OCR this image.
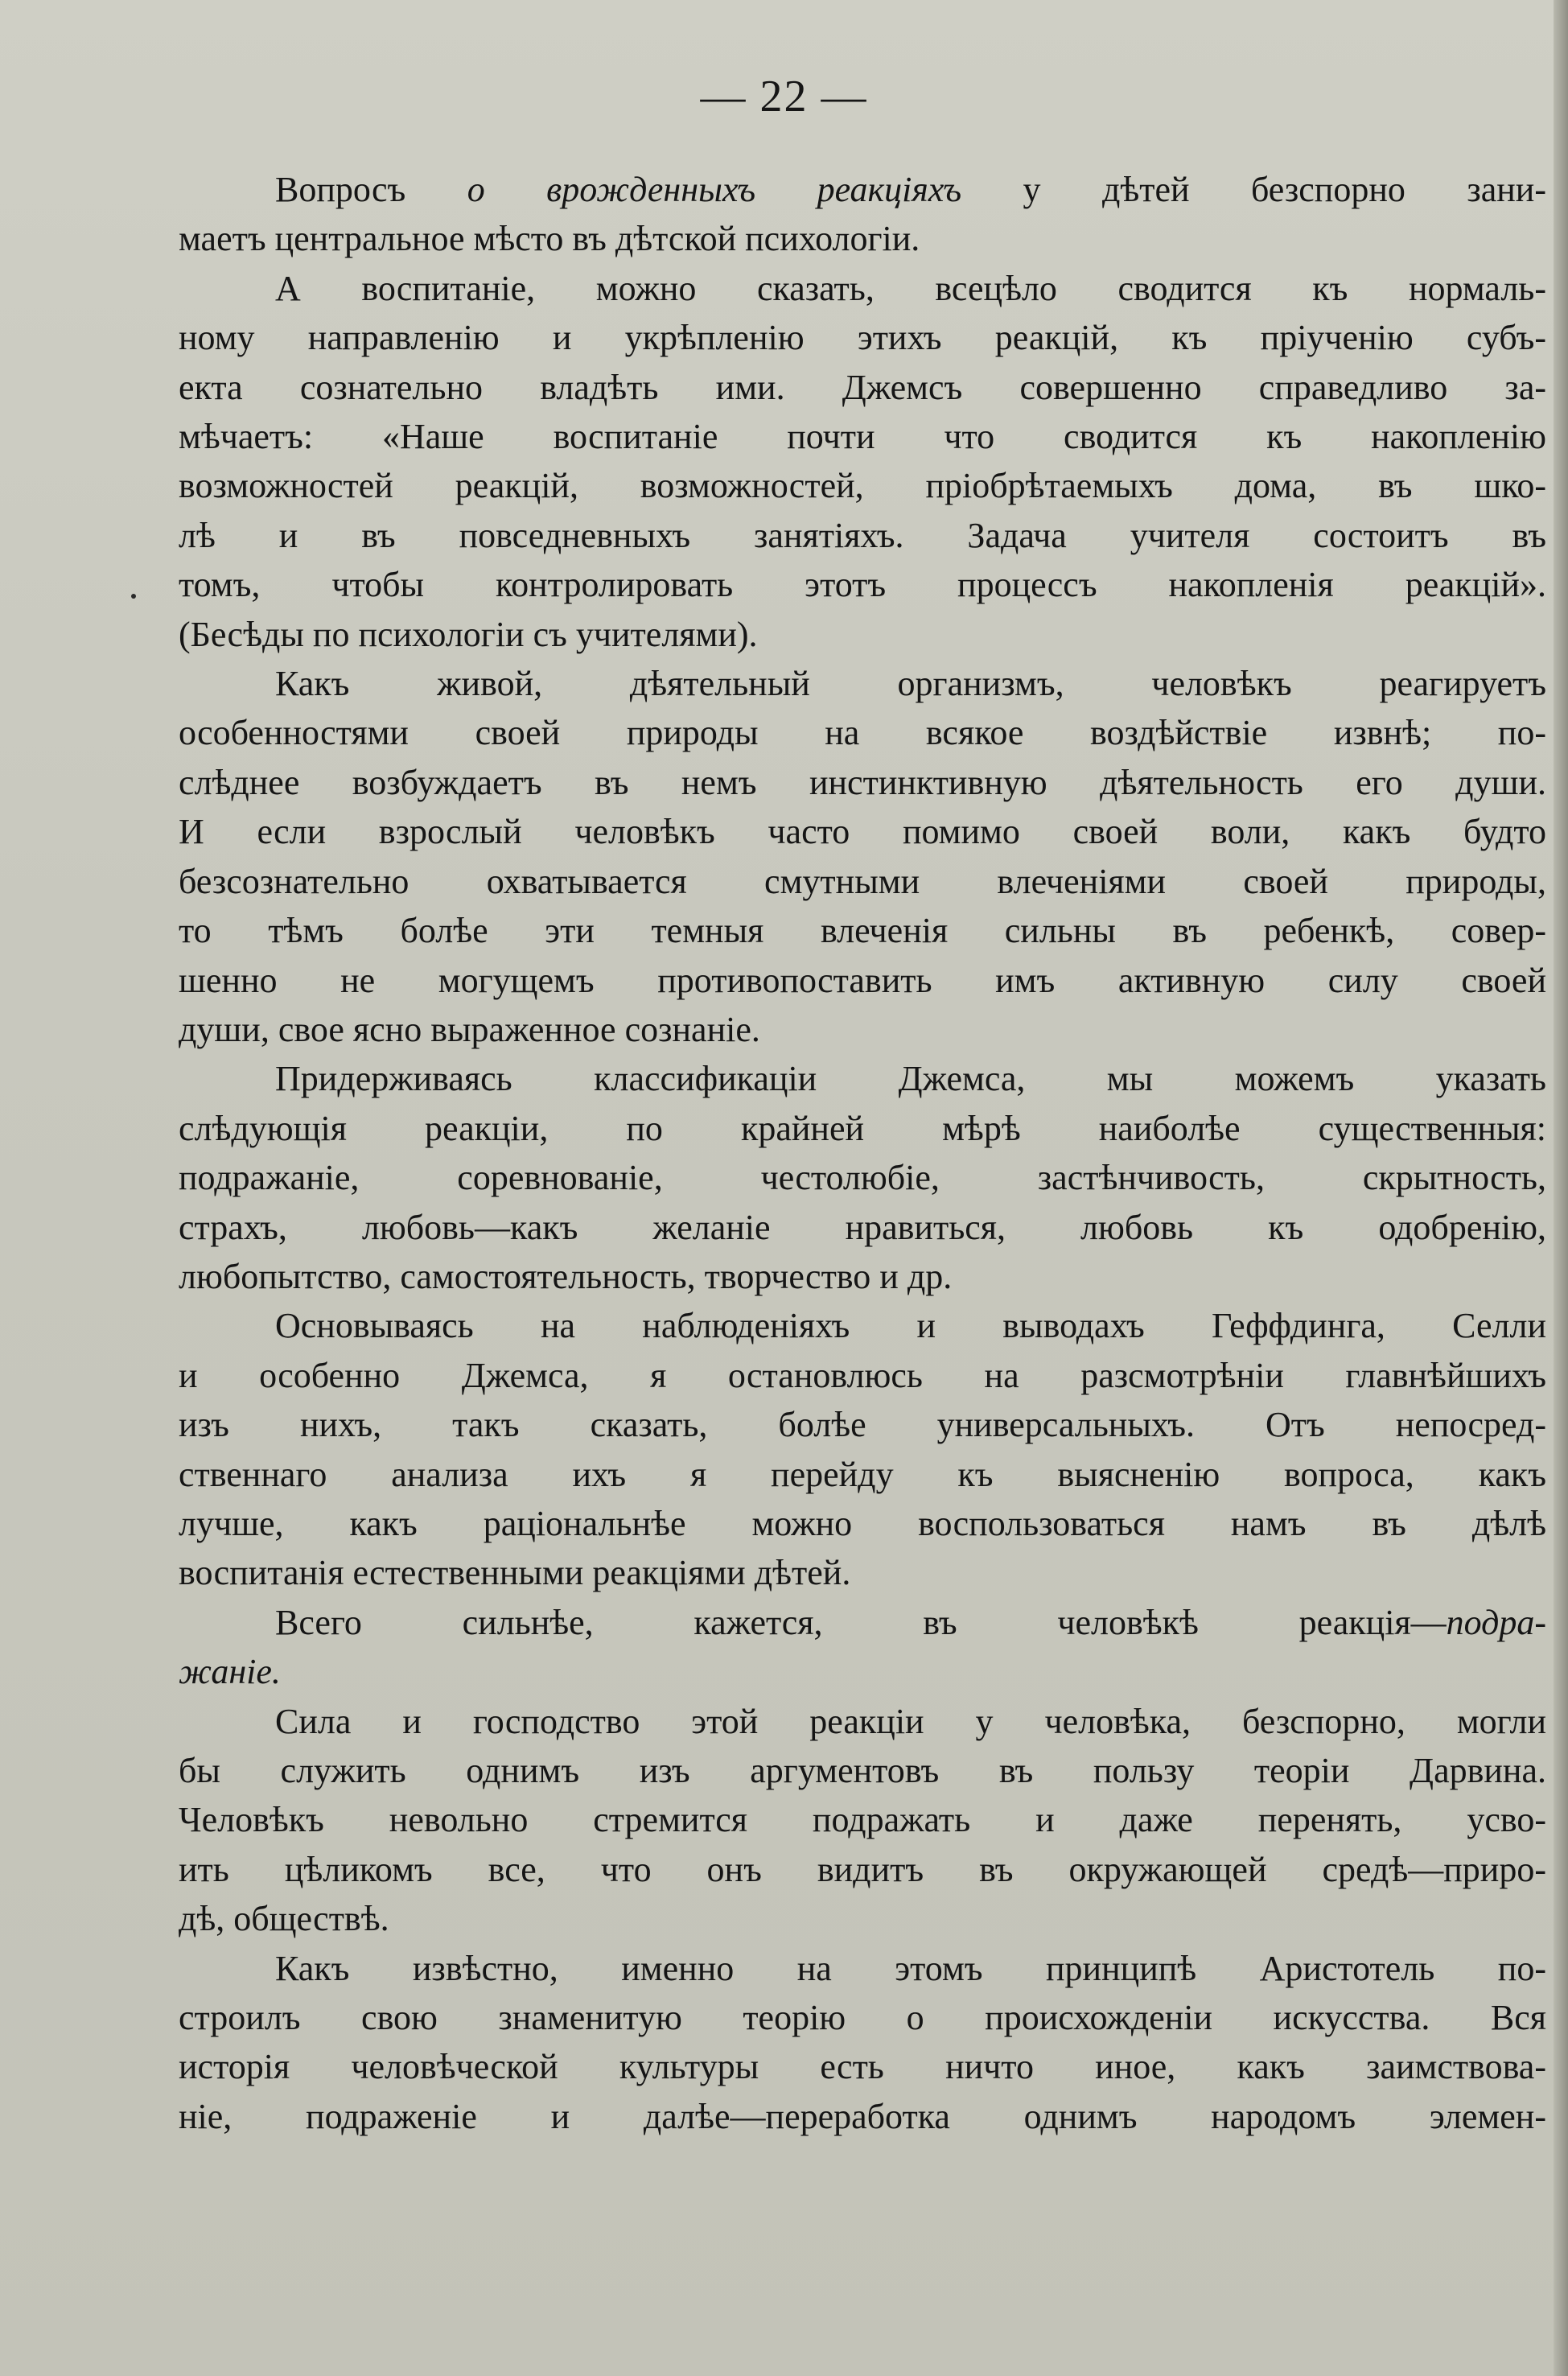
— 22 —

Вопросъ о врожденныхъ реакціяхъ у дѣтей безспорно зани-
маетъ центральное мѣсто въ дѣтской психологіи.

А воспитаніе, можно сказать, всецѣло сводится къ нормаль-
ному направленію и укрѣпленію этихъ реакцій, къ пріученію субъ-
екта сознательно владѣть ими. Джемсъ совершенно справедливо за-
мѣчаетъ: «Наше воспитаніе почти что сводится къ накопленію
возможностей реакцій, возможностей, пріобрѣтаемыхъ дома, въ шко-
лѣ и въ повседневныхъ занятіяхъ. Задача учителя состоитъ въ
томъ, чтобы контролировать этотъ процессъ накопленія реакцій».
(Бесѣды по психологіи съ учителями).

Какъ живой, дѣятельный организмъ, человѣкъ реагируетъ
особенностями своей природы на всякое воздѣйствіе извнѣ; по-
слѣднее возбуждаетъ въ немъ инстинктивную дѣятельность его души.
И если взрослый человѣкъ часто помимо своей воли, какъ будто
безсознательно охватывается смутными влеченіями своей природы,
то тѣмъ болѣе эти темныя влеченія сильны въ ребенкѣ, совер-
шенно не могущемъ противопоставить имъ активную силу своей
души, свое ясно выраженное сознаніе.

Придерживаясь классификаціи Джемса, мы можемъ указать
слѣдующія реакціи, по крайней мѣрѣ наиболѣе существенныя:
подражаніе, соревнованіе, честолюбіе, застѣнчивость, скрытность,
страхъ, любовь—какъ желаніе нравиться, любовь къ одобренію,
любопытство, самостоятельность, творчество и др.

Основываясь на наблюденіяхъ и выводахъ Геффдинга, Селли
и особенно Джемса, я остановлюсь на разсмотрѣніи главнѣйшихъ
изъ нихъ, такъ сказать, болѣе универсальныхъ. Отъ непосред-
ственнаго анализа ихъ я перейду къ выясненію вопроса, какъ
лучше, какъ раціональнѣе можно воспользоваться намъ въ дѣлѣ
воспитанія естественными реакціями дѣтей.

Всего сильнѣе, кажется, въ человѣкѣ реакція—подра-
жаніе.

Сила и господство этой реакціи у человѣка, безспорно, могли
бы служить однимъ изъ аргументовъ въ пользу теоріи Дарвина.
Человѣкъ невольно стремится подражать и даже перенять, усво-
ить цѣликомъ все, что онъ видитъ въ окружающей средѣ—приро-
дѣ, обществѣ.

Какъ извѣстно, именно на этомъ принципѣ Аристотель по-
строилъ свою знаменитую теорію о происхожденіи искусства. Вся
исторія человѣческой культуры есть ничто иное, какъ заимствова-
ніе, подраженіе и далѣе—переработка однимъ народомъ элемен-
